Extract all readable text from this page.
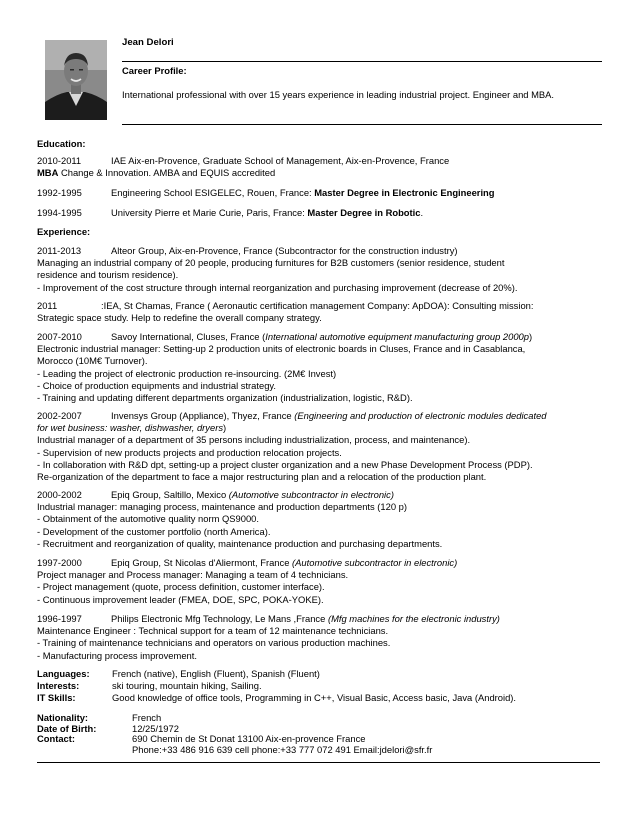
Jean Delori
Career Profile:
International professional with over 15 years experience in leading industrial project. Engineer and MBA.
Education:
2010-2011	IAE Aix-en-Provence, Graduate School of Management, Aix-en-Provence, France
MBA Change & Innovation. AMBA and EQUIS accredited
1992-1995	Engineering School ESIGELEC, Rouen, France: Master Degree in Electronic Engineering
1994-1995	University Pierre et Marie Curie, Paris, France: Master Degree in Robotic.
Experience:
2011-2013	Alteor Group, Aix-en-Provence, France (Subcontractor for the construction industry)
Managing an industrial company of 20 people, producing furnitures for B2B customers (senior residence, student
residence and tourism residence).
- Improvement of the cost structure through internal reorganization and purchasing improvement (decrease of 20%).
2011	:IEA, St Chamas, France ( Aeronautic certification management Company: ApDOA): Consulting mission:
Strategic space study. Help to redefine the overall company strategy.
2007-2010	Savoy International, Cluses, France (International automotive equipment manufacturing group 2000p)
Electronic industrial manager: Setting-up 2 production units of electronic boards in Cluses, France and in Casablanca,
Morocco (10M€ Turnover).
- Leading the project of electronic production re-insourcing. (2M€ Invest)
- Choice of production equipments and industrial strategy.
- Training and updating different departments organization (industrialization, logistic, R&D).
2002-2007	Invensys Group (Appliance), Thyez, France (Engineering and production of electronic modules dedicated
for wet business: washer, dishwasher, dryers)
Industrial manager of a department of 35 persons including industrialization, process, and maintenance).
- Supervision of new products projects and production relocation projects.
- In collaboration with R&D dpt, setting-up a project cluster organization and a new Phase Development Process (PDP).
Re-organization of the department to face a major restructuring plan and a relocation of the production plant.
2000-2002	Epiq Group, Saltillo, Mexico (Automotive subcontractor in electronic)
Industrial manager: managing process, maintenance and production departments (120 p)
- Obtainment of the automotive quality norm QS9000.
- Development of the customer portfolio (north America).
- Recruitment and reorganization of quality, maintenance production and purchasing departments.
1997-2000	Epiq Group, St Nicolas d'Aliermont, France (Automotive subcontractor in electronic)
Project manager and Process manager: Managing a team of 4 technicians.
- Project management (quote, process definition, customer interface).
- Continuous improvement leader (FMEA, DOE, SPC, POKA-YOKE).
1996-1997	Philips Electronic Mfg Technology, Le Mans ,France (Mfg machines for the electronic industry)
Maintenance Engineer : Technical support for a team of 12 maintenance technicians.
- Training of maintenance technicians and operators on various production machines.
- Manufacturing process improvement.
Languages: French (native), English (Fluent), Spanish (Fluent)
Interests:	ski touring, mountain hiking, Sailing.
IT Skills:	Good knowledge of office tools, Programming in C++, Visual Basic, Access basic, Java (Android).
Nationality:	French
Date of Birth:	12/25/1972
Contact:	690 Chemin de St Donat 13100 Aix-en-provence France
Phone:+33 486 916 639 cell phone:+33 777 072 491 Email:jdelori@sfr.fr
